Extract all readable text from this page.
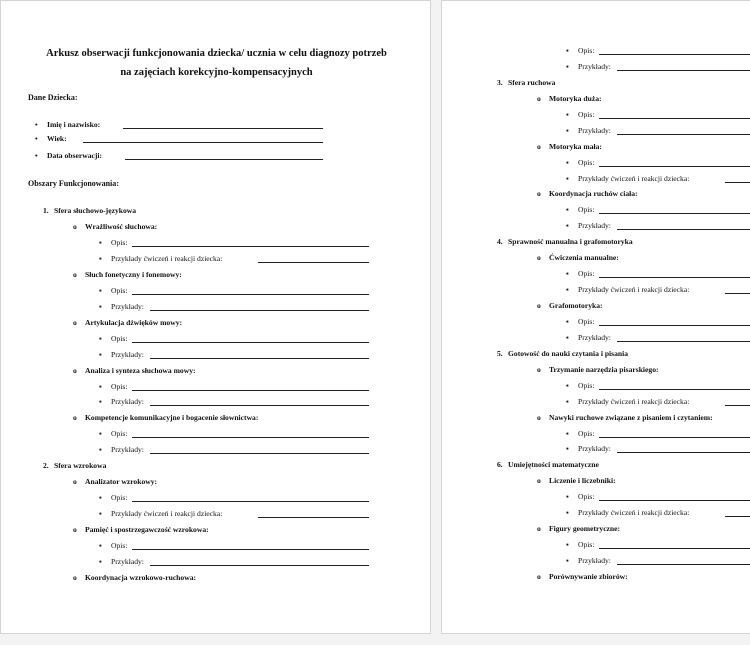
Arkusz obserwacji funkcjonowania dziecka/ ucznia w celu diagnozy potrzeb
na zajęciach korekcyjno-kompensacyjnych
Dane Dziecka:
Obszary Funkcjonowania:
• Imię i nazwisko:
• Wiek:
• Data obserwacji:
1. Sfera słuchowo-językowa
o Wrażliwość słuchowa:
▪ Opis:
▪ Przykłady ćwiczeń i reakcji dziecka:
o Słuch fonetyczny i fonemowy:
▪ Opis:
▪ Przykłady:
o Artykulacja dźwięków mowy:
▪ Opis:
▪ Przykłady:
o Analiza i synteza słuchowa mowy:
▪ Opis:
▪ Przykłady:
o Kompetencje komunikacyjne i bogacenie słownictwa:
▪ Opis:
▪ Przykłady:
2. Sfera wzrokowa
o Analizator wzrokowy:
▪ Opis:
▪ Przykłady ćwiczeń i reakcji dziecka:
o Pamięć i spostrzegawczość wzrokowa:
▪ Opis:
▪ Przykłady:
o Koordynacja wzrokowo-ruchowa:
▪ Opis:
▪ Przykłady:
3. Sfera ruchowa
o Motoryka duża:
▪ Opis:
▪ Przykłady:
o Motoryka mała:
▪ Opis:
▪ Przykłady ćwiczeń i reakcji dziecka:
o Koordynacja ruchów ciała:
▪ Opis:
▪ Przykłady:
4. Sprawność manualna i grafomotoryka
o Ćwiczenia manualne:
▪ Opis:
▪ Przykłady ćwiczeń i reakcji dziecka:
o Grafomotoryka:
▪ Opis:
▪ Przykłady:
5. Gotowość do nauki czytania i pisania
o Trzymanie narzędzia pisarskiego:
▪ Opis:
▪ Przykłady ćwiczeń i reakcji dziecka:
o Nawyki ruchowe związane z pisaniem i czytaniem:
▪ Opis:
▪ Przykłady:
6. Umiejętności matematyczne
o Liczenie i liczebniki:
▪ Opis:
▪ Przykłady ćwiczeń i reakcji dziecka:
o Figury geometryczne:
▪ Opis:
▪ Przykłady:
o Porównywanie zbiorów:
